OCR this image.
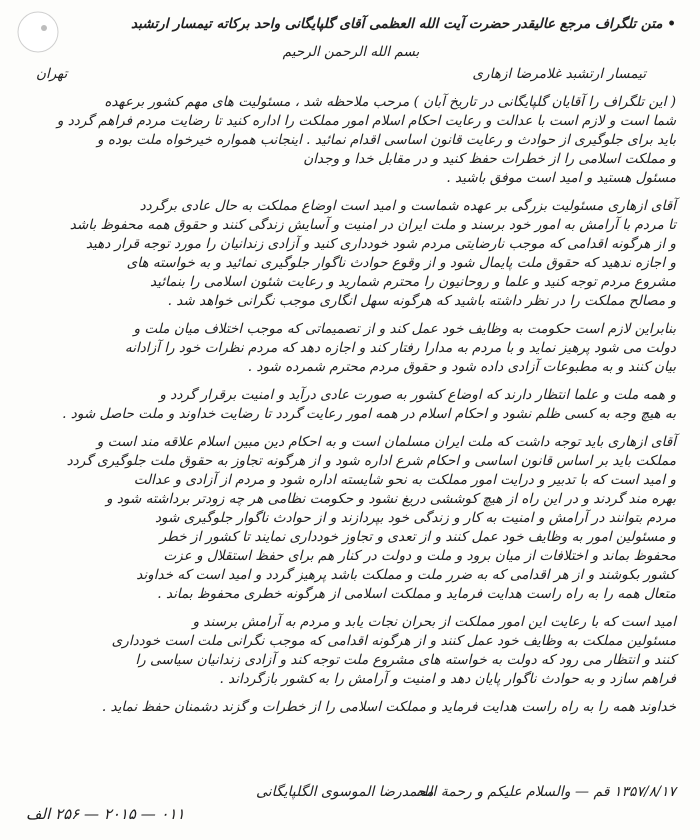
• متن تلگراف مرجع عالیقدر حضرت آیت الله العظمی آقای گلپایگانی واحد برکاته تیمسار ارتشبد
بسم الله الرحمن الرحیم
تیمسار ارتشبد غلامرضا ازهاری
تهران
( این تلگراف را آقایان گلپایگانی در تاریخ آبان ) مرحب ملاحظه شد ، مسئولیت های مهم کشور برعهده
شما است و لازم است با عدالت و رعایت احکام اسلام امور مملکت را اداره کنید تا رضایت مردم فراهم گردد و
باید برای جلوگیری از حوادث و رعایت قانون اساسی اقدام نمائید . اینجانب همواره خیرخواه ملت بوده و
و مملکت اسلامی را از خطرات حفظ کنید و در مقابل خدا و وجدان
مسئول هستید و امید است موفق باشید .
آقای ازهاری مسئولیت بزرگی بر عهده شماست و امید است اوضاع مملکت به حال عادی برگردد
تا مردم با آرامش به امور خود برسند و ملت ایران در امنیت و آسایش زندگی کنند و حقوق همه محفوظ باشد
و از هرگونه اقدامی که موجب نارضایتی مردم شود خودداری کنید و آزادی زندانیان را مورد توجه قرار دهید
و اجازه ندهید که حقوق ملت پایمال شود و از وقوع حوادث ناگوار جلوگیری نمائید و به خواسته های
مشروع مردم توجه کنید و علما و روحانیون را محترم شمارید و رعایت شئون اسلامی را بنمائید
و مصالح مملکت را در نظر داشته باشید که هرگونه سهل انگاری موجب نگرانی خواهد شد .
بنابراین لازم است حکومت به وظایف خود عمل کند و از تصمیماتی که موجب اختلاف میان ملت و
دولت می شود پرهیز نماید و با مردم به مدارا رفتار کند و اجازه دهد که مردم نظرات خود را آزادانه
بیان کنند و به مطبوعات آزادی داده شود و حقوق مردم محترم شمرده شود .
و همه ملت و علما انتظار دارند که اوضاع کشور به صورت عادی درآید و امنیت برقرار گردد و
به هیچ وجه به کسی ظلم نشود و احکام اسلام در همه امور رعایت گردد تا رضایت خداوند و ملت حاصل شود .
آقای ازهاری باید توجه داشت که ملت ایران مسلمان است و به احکام دین مبین اسلام علاقه مند است و
مملکت باید بر اساس قانون اساسی و احکام شرع اداره شود و از هرگونه تجاوز به حقوق ملت جلوگیری گردد
و امید است که با تدبیر و درایت امور مملکت به نحو شایسته اداره شود و مردم از آزادی و عدالت
بهره مند گردند و در این راه از هیچ کوششی دریغ نشود و حکومت نظامی هر چه زودتر برداشته شود و
مردم بتوانند در آرامش و امنیت به کار و زندگی خود بپردازند و از حوادث ناگوار جلوگیری شود
و مسئولین امور به وظایف خود عمل کنند و از تعدی و تجاوز خودداری نمایند تا کشور از خطر
محفوظ بماند و اختلافات از میان برود و ملت و دولت در کنار هم برای حفظ استقلال و عزت
کشور بکوشند و از هر اقدامی که به ضرر ملت و مملکت باشد پرهیز گردد و امید است که خداوند
متعال همه را به راه راست هدایت فرماید و مملکت اسلامی از هرگونه خطری محفوظ بماند .
امید است که با رعایت این امور مملکت از بحران نجات یابد و مردم به آرامش برسند و
مسئولین مملکت به وظایف خود عمل کنند و از هرگونه اقدامی که موجب نگرانی ملت است خودداری
کنند و انتظار می رود که دولت به خواسته های مشروع ملت توجه کند و آزادی زندانیان سیاسی را
فراهم سازد و به حوادث ناگوار پایان دهد و امنیت و آرامش را به کشور بازگرداند .
خداوند همه را به راه راست هدایت فرماید و مملکت اسلامی را از خطرات و گزند دشمنان حفظ نماید .
۱۳۵۷/۸/۱۷ قم — والسلام علیکم و رحمة الله
محمدرضا الموسوی الگلپایگانی
۰۱۱ — ۲۰۱۵ — ۲۵۶ الف
